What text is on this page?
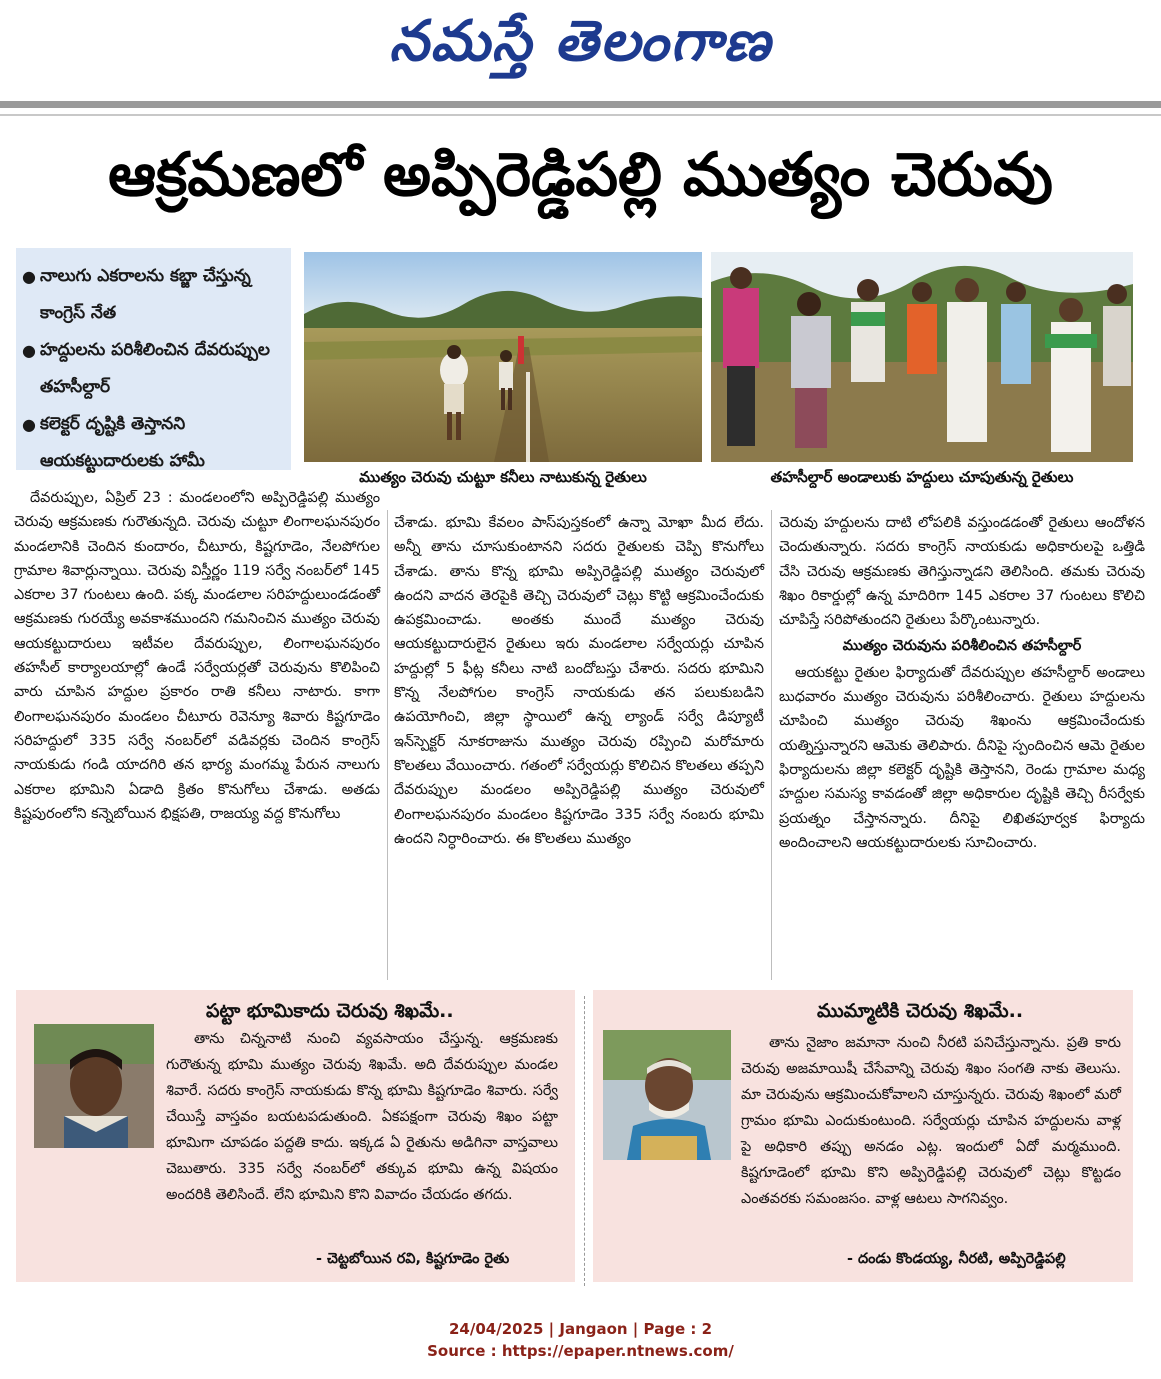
నమస్తే తెలంగాణ
ఆక్రమణలో అప్పిరెడ్డిపల్లి ముత్యం చెరువు
● నాలుగు ఎకరాలను కబ్జా చేస్తున్న కాంగ్రెస్ నేత
● హద్దులను పరిశీలించిన దేవరుప్పుల తహసీల్దార్
● కలెక్టర్ దృష్టికి తెస్తానని ఆయకట్టుదారులకు హామీ
ముత్యం చెరువు చుట్టూ కనీలు నాటుకున్న రైతులు	తహసీల్దార్ అండాలుకు హద్దులు చూపుతున్న రైతులు

దేవరుప్పుల, ఏప్రిల్ 23 : మండలంలోని అప్పిరెడ్డిపల్లి ముత్యం చెరువు ఆక్రమణకు గురౌతున్నది. చెరువు చుట్టూ లింగాలఘనపురం మండలానికి చెందిన కుందారం, చీటూరు, కిష్టగూడెం, నేలపోగుల గ్రామాల శివార్లున్నాయి. చెరువు విస్తీర్ణం 119 సర్వే నంబర్‌లో 145 ఎకరాల 37 గుంటలు ఉంది. పక్క మండలాల సరిహద్దులుండడంతో ఆక్రమణకు గురయ్యే అవకాశముందని గమనించిన ముత్యం చెరువు ఆయకట్టుదారులు ఇటీవల దేవరుప్పుల, లింగాలఘనపురం తహసీల్ కార్యాలయాల్లో ఉండే సర్వేయర్లతో చెరువును కొలిపించి వారు చూపిన హద్దుల ప్రకారం రాతి కనీలు నాటారు. కాగా లింగాలఘనపురం మండలం చీటూరు రెవెన్యూ శివారు కిష్టగూడెం సరిహద్దులో 335 సర్వే నంబర్‌లో వడివర్లకు చెందిన కాంగ్రెస్ నాయకుడు గండి యాదగిరి తన భార్య మంగమ్మ పేరున నాలుగు ఎకరాల భూమిని ఏడాది క్రితం కొనుగోలు చేశాడు. అతడు కిష్టపురంలోని కన్నెబోయిన భిక్షపతి, రాజయ్య వద్ద కొనుగోలు

చేశాడు. భూమి కేవలం పాస్‌పుస్తకంలో ఉన్నా మోఖా మీద లేదు. అన్నీ తాను చూసుకుంటానని సదరు రైతులకు చెప్పి కొనుగోలు చేశాడు. తాను కొన్న భూమి అప్పిరెడ్డిపల్లి ముత్యం చెరువులో ఉందని వాదన తెరపైకి తెచ్చి చెరువులో చెట్లు కొట్టి ఆక్రమించేందుకు ఉపక్రమించాడు. అంతకు ముందే ముత్యం చెరువు ఆయకట్టుదారులైన రైతులు ఇరు మండలాల సర్వేయర్లు చూపిన హద్దుల్లో 5 ఫీట్ల కనీలు నాటి బందోబస్తు చేశారు. సదరు భూమిని కొన్న నేలపోగుల కాంగ్రెస్ నాయకుడు తన పలుకుబడిని ఉపయోగించి, జిల్లా స్థాయిలో ఉన్న ల్యాండ్ సర్వే డిప్యూటీ ఇన్‌స్పెక్టర్ నూకరాజును ముత్యం చెరువు రప్పించి మరోమారు కొలతలు వేయించారు. గతంలో సర్వేయర్లు కొలిచిన కొలతలు తప్పని దేవరుప్పుల మండలం అప్పిరెడ్డిపల్లి ముత్యం చెరువులో లింగాలఘనపురం మండలం కిష్టగూడెం 335 సర్వే నంబరు భూమి ఉందని నిర్ధారించారు. ఈ కొలతలు ముత్యం

చెరువు హద్దులను దాటి లోపలికి వస్తుండడంతో రైతులు ఆందోళన చెందుతున్నారు. సదరు కాంగ్రెస్ నాయకుడు అధికారులపై ఒత్తిడి చేసి చెరువు ఆక్రమణకు తెగిస్తున్నాడని తెలిసింది. తమకు చెరువు శిఖం రికార్డుల్లో ఉన్న మాదిరిగా 145 ఎకరాల 37 గుంటలు కొలిచి చూపిస్తే సరిపోతుందని రైతులు పేర్కొంటున్నారు.

ముత్యం చెరువును పరిశీలించిన తహసీల్దార్

ఆయకట్టు రైతుల ఫిర్యాదుతో దేవరుప్పుల తహసీల్దార్ అండాలు బుధవారం ముత్యం చెరువును పరిశీలించారు. రైతులు హద్దులను చూపించి ముత్యం చెరువు శిఖంను ఆక్రమించేందుకు యత్నిస్తున్నారని ఆమెకు తెలిపారు. దీనిపై స్పందించిన ఆమె రైతుల ఫిర్యాదులను జిల్లా కలెక్టర్ దృష్టికి తెస్తానని, రెండు గ్రామాల మధ్య హద్దుల సమస్య కావడంతో జిల్లా అధికారుల దృష్టికి తెచ్చి రీసర్వేకు ప్రయత్నం చేస్తానన్నారు. దీనిపై లిఖితపూర్వక ఫిర్యాదు అందించాలని ఆయకట్టుదారులకు సూచించారు.

పట్టా భూమికాదు చెరువు శిఖమే..
తాను చిన్ననాటి నుంచి వ్యవసాయం చేస్తున్న. ఆక్రమణకు గురౌతున్న భూమి ముత్యం చెరువు శిఖమే. అది దేవరుప్పుల మండల శివారే. సదరు కాంగ్రెస్ నాయకుడు కొన్న భూమి కిష్టగూడెం శివారు. సర్వే చేయిస్తే వాస్తవం బయటపడుతుంది. ఏకపక్షంగా చెరువు శిఖం పట్టా భూమిగా చూపడం పద్దతి కాదు. ఇక్కడ ఏ రైతును అడిగినా వాస్తవాలు చెబుతారు. 335 సర్వే నంబర్‌లో తక్కువ భూమి ఉన్న విషయం అందరికి తెలిసిందే. లేని భూమిని కొని వివాదం చేయడం తగదు.
- చెట్టబోయిన రవి, కిష్టగూడెం రైతు
ముమ్మాటికి చెరువు శిఖమే..
తాను నైజాం జమానా నుంచి నీరటి పనిచేస్తున్నాను. ప్రతి కారు చెరువు అజమాయిషీ చేసేవాన్ని చెరువు శిఖం సంగతి నాకు తెలుసు. మా చెరువును ఆక్రమించుకోవాలని చూస్తున్నరు. చెరువు శిఖంలో మరో గ్రామం భూమి ఎందుకుంటుంది. సర్వేయర్లు చూపిన హద్దులను వాళ్ల పై అధికారి తప్పు అనడం ఎట్ల. ఇందులో ఏదో మర్మముంది. కిష్టగూడెంలో భూమి కొని అప్పిరెడ్డిపల్లి చెరువులో చెట్లు కొట్టడం ఎంతవరకు సమంజసం. వాళ్ల ఆటలు సాగనివ్వం.
- దండు కొండయ్య, నీరటి, అప్పిరెడ్డిపల్లి
24/04/2025 | Jangaon | Page : 2
Source : https://epaper.ntnews.com/
